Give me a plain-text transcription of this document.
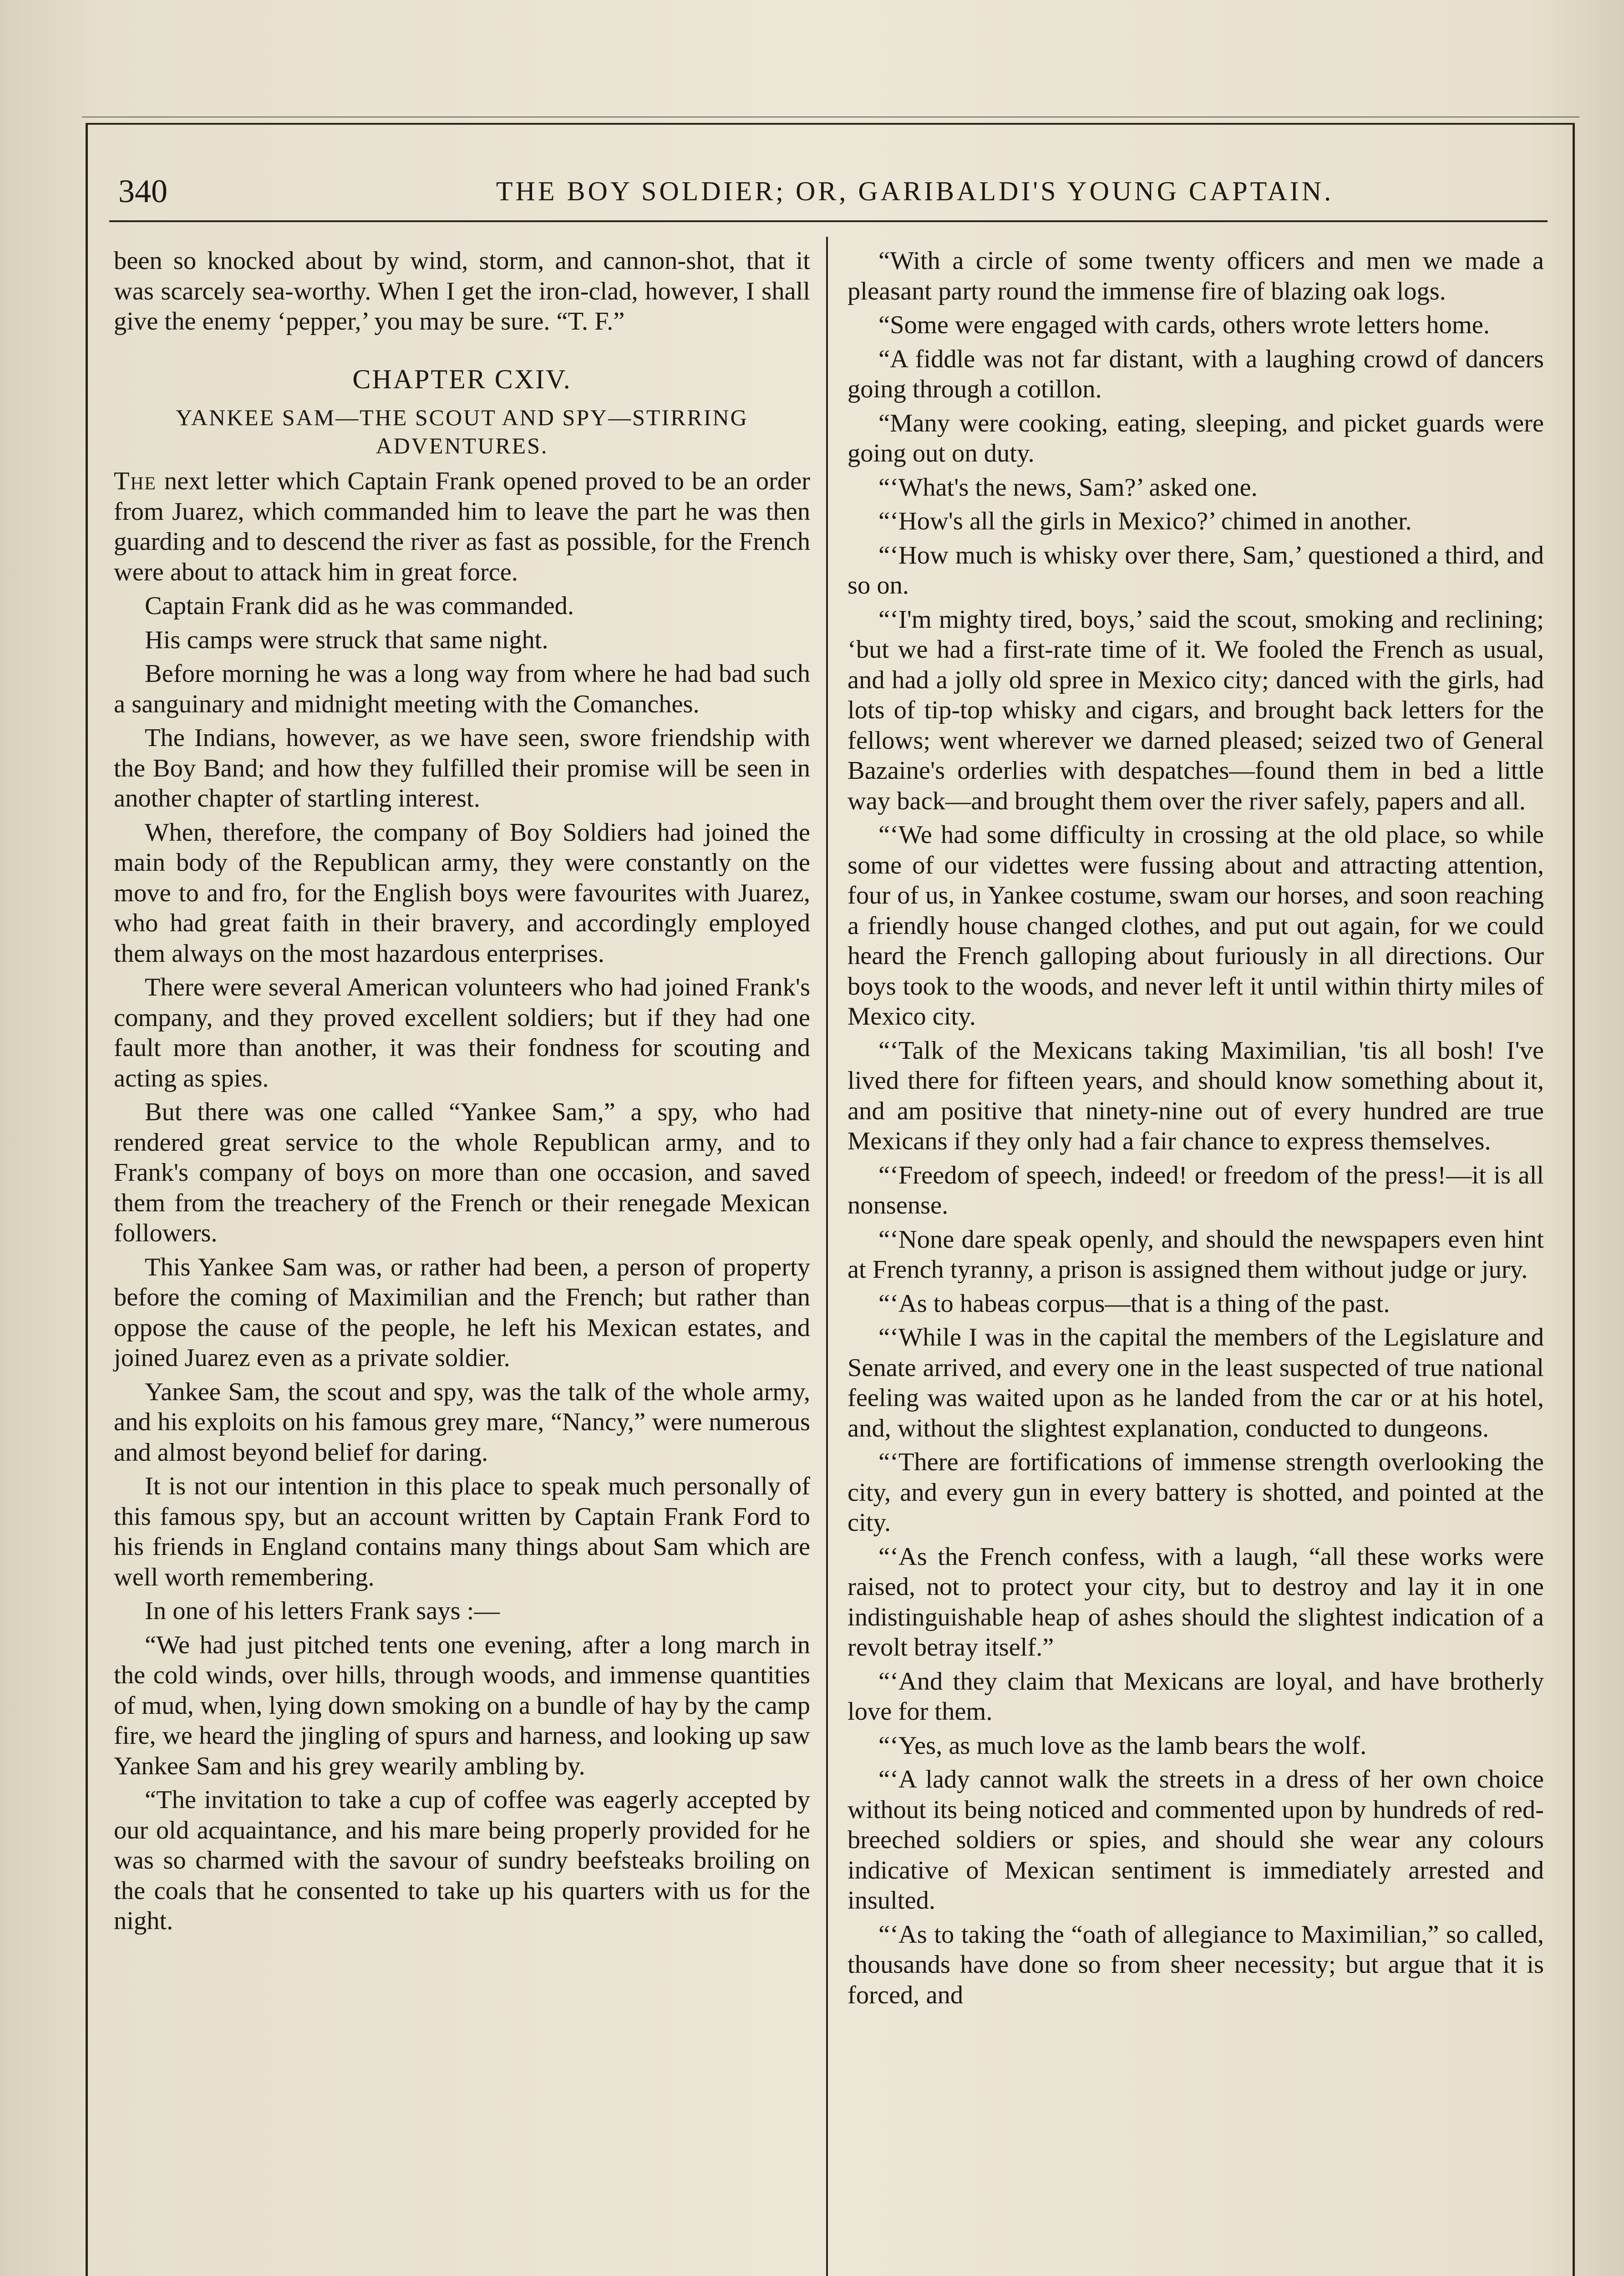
340	THE BOY SOLDIER; OR, GARIBALDI'S YOUNG CAPTAIN.

been so knocked about by wind, storm, and cannon-shot, that it was scarcely sea-worthy. When I get the iron-clad, however, I shall give the enemy ‘pepper,’ you may be sure. “T. F.”

CHAPTER CXIV.
YANKEE SAM—THE SCOUT AND SPY—STIRRING ADVENTURES.

The next letter which Captain Frank opened proved to be an order from Juarez, which commanded him to leave the part he was then guarding and to descend the river as fast as possible, for the French were about to attack him in great force.

Captain Frank did as he was commanded.

His camps were struck that same night.

Before morning he was a long way from where he had bad such a sanguinary and midnight meeting with the Comanches.

The Indians, however, as we have seen, swore friendship with the Boy Band; and how they fulfilled their promise will be seen in another chapter of startling interest.

When, therefore, the company of Boy Soldiers had joined the main body of the Republican army, they were constantly on the move to and fro, for the English boys were favourites with Juarez, who had great faith in their bravery, and accordingly employed them always on the most hazardous enterprises.

There were several American volunteers who had joined Frank's company, and they proved excellent soldiers; but if they had one fault more than another, it was their fondness for scouting and acting as spies.

But there was one called “Yankee Sam,” a spy, who had rendered great service to the whole Republican army, and to Frank's company of boys on more than one occasion, and saved them from the treachery of the French or their renegade Mexican followers.

This Yankee Sam was, or rather had been, a person of property before the coming of Maximilian and the French; but rather than oppose the cause of the people, he left his Mexican estates, and joined Juarez even as a private soldier.

Yankee Sam, the scout and spy, was the talk of the whole army, and his exploits on his famous grey mare, “Nancy,” were numerous and almost beyond belief for daring.

It is not our intention in this place to speak much personally of this famous spy, but an account written by Captain Frank Ford to his friends in England contains many things about Sam which are well worth remembering.

In one of his letters Frank says :—

“We had just pitched tents one evening, after a long march in the cold winds, over hills, through woods, and immense quantities of mud, when, lying down smoking on a bundle of hay by the camp fire, we heard the jingling of spurs and harness, and looking up saw Yankee Sam and his grey wearily ambling by.

“The invitation to take a cup of coffee was eagerly accepted by our old acquaintance, and his mare being properly provided for he was so charmed with the savour of sundry beefsteaks broiling on the coals that he consented to take up his quarters with us for the night.

“With a circle of some twenty officers and men we made a pleasant party round the immense fire of blazing oak logs.

“Some were engaged with cards, others wrote letters home.

“A fiddle was not far distant, with a laughing crowd of dancers going through a cotillon.

“Many were cooking, eating, sleeping, and picket guards were going out on duty.

“‘What's the news, Sam?’ asked one.

“‘How's all the girls in Mexico?’ chimed in another.

“‘How much is whisky over there, Sam,’ questioned a third, and so on.

“‘I'm mighty tired, boys,’ said the scout, smoking and reclining; ‘but we had a first-rate time of it. We fooled the French as usual, and had a jolly old spree in Mexico city; danced with the girls, had lots of tip-top whisky and cigars, and brought back letters for the fellows; went wherever we darned pleased; seized two of General Bazaine's orderlies with despatches—found them in bed a little way back—and brought them over the river safely, papers and all.

“‘We had some difficulty in crossing at the old place, so while some of our videttes were fussing about and attracting attention, four of us, in Yankee costume, swam our horses, and soon reaching a friendly house changed clothes, and put out again, for we could heard the French galloping about furiously in all directions. Our boys took to the woods, and never left it until within thirty miles of Mexico city.

“‘Talk of the Mexicans taking Maximilian, 'tis all bosh! I've lived there for fifteen years, and should know something about it, and am positive that ninety-nine out of every hundred are true Mexicans if they only had a fair chance to express themselves.

“‘Freedom of speech, indeed! or freedom of the press!—it is all nonsense.

“‘None dare speak openly, and should the newspapers even hint at French tyranny, a prison is assigned them without judge or jury.

“‘As to habeas corpus—that is a thing of the past.

“‘While I was in the capital the members of the Legislature and Senate arrived, and every one in the least suspected of true national feeling was waited upon as he landed from the car or at his hotel, and, without the slightest explanation, conducted to dungeons.

“‘There are fortifications of immense strength overlooking the city, and every gun in every battery is shotted, and pointed at the city.

“‘As the French confess, with a laugh, “all these works were raised, not to protect your city, but to destroy and lay it in one indistinguishable heap of ashes should the slightest indication of a revolt betray itself.”

“‘And they claim that Mexicans are loyal, and have brotherly love for them.

“‘Yes, as much love as the lamb bears the wolf.

“‘A lady cannot walk the streets in a dress of her own choice without its being noticed and commented upon by hundreds of red-breeched soldiers or spies, and should she wear any colours indicative of Mexican sentiment is immediately arrested and insulted.

“‘As to taking the “oath of allegiance to Maximilian,” so called, thousands have done so from sheer necessity; but argue that it is forced, and
